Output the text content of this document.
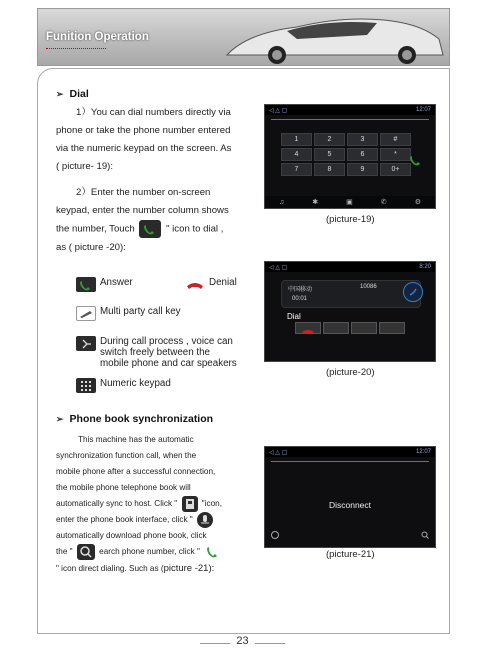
Funition Operation
➢ Dial
1）You can dial numbers directly via
phone or take the phone number entered
via the numeric keypad on the screen. As
( picture- 19):
2）Enter the number on-screen
keypad, enter the number column shows
the number, Touch	" icon to dial ,
as ( picture -20):
Answer	Denial
Multi party call key
During call process , voice can
switch freely between the
mobile phone and car speakers
Numeric keypad
➢ Phone book synchronization
This machine has the automatic
synchronization function call, when the
mobile phone after a successful connection,
the mobile phone telephone book will
automatically sync to host. Click "	"icon,
enter the phone book interface, click "
automatically download phone book, click
the "	earch phone number, click "
" icon direct dialing. Such as (picture -21):
◁ △ ▢	12:07
1	2	3	#
4	5	6	*
7	8	9	0+
♫	✱	▣	✆	⚙
(picture-19)
◁ △ ▢	8:20
中国移动	10086
00:01
Dial
(picture-20)
◁ △ ▢	12:07
Disconnect
(picture-21)
23
